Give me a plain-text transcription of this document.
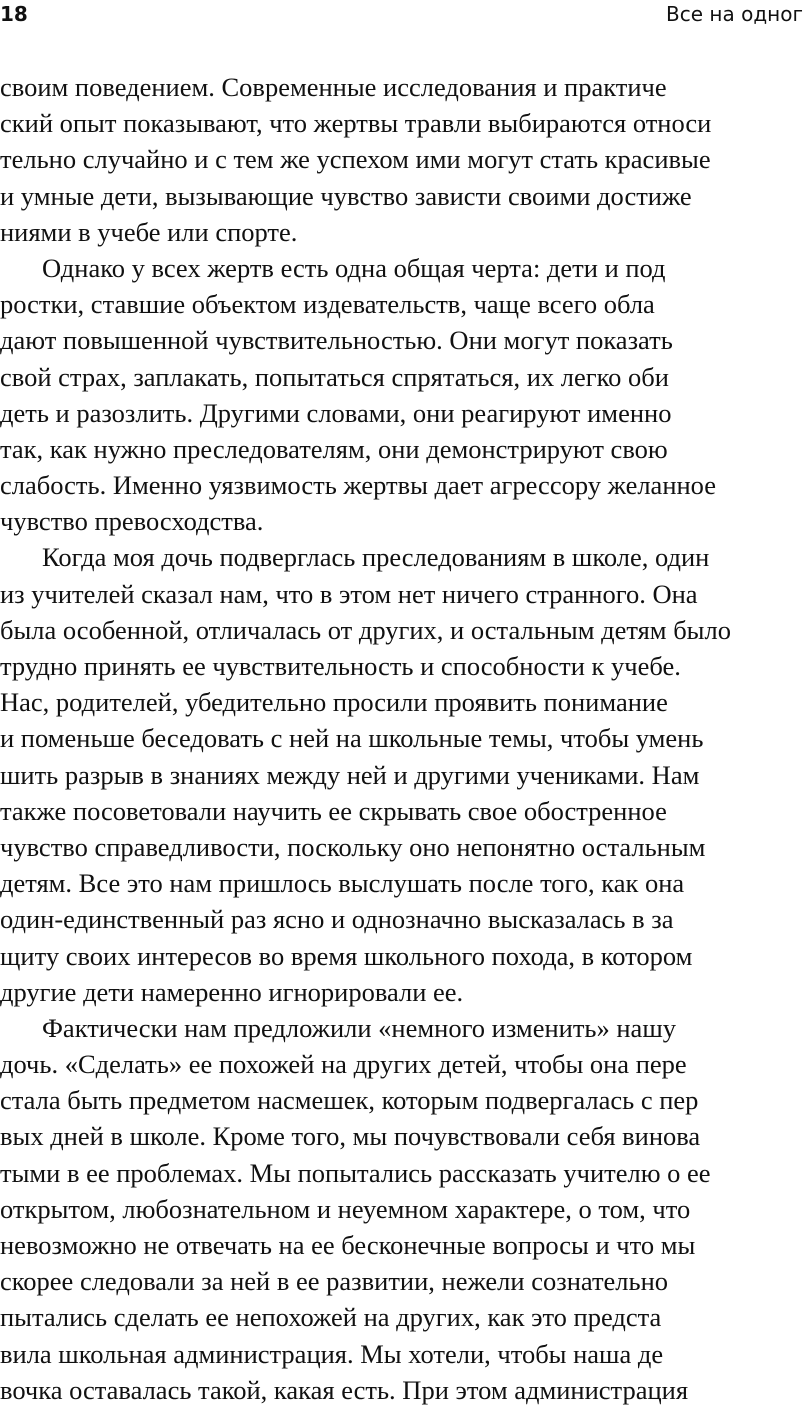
18	Все на одног
своим поведением. Современные исследования и практиче
ский опыт показывают, что жертвы травли выбираются относи
тельно случайно и с тем же успехом ими могут стать красивые
и умные дети, вызывающие чувство зависти своими достиже
ниями в учебе или спорте.
Однако у всех жертв есть одна общая черта: дети и под
ростки, ставшие объектом издевательств, чаще всего обла
дают повышенной чувствительностью. Они могут показать
свой страх, заплакать, попытаться спрятаться, их легко оби
деть и разозлить. Другими словами, они реагируют именно
так, как нужно преследователям, они демонстрируют свою
слабость. Именно уязвимость жертвы дает агрессору желанное
чувство превосходства.
Когда моя дочь подверглась преследованиям в школе, один
из учителей сказал нам, что в этом нет ничего странного. Она
была особенной, отличалась от других, и остальным детям было
трудно принять ее чувствительность и способности к учебе.
Нас, родителей, убедительно просили проявить понимание
и поменьше беседовать с ней на школьные темы, чтобы умень
шить разрыв в знаниях между ней и другими учениками. Нам
также посоветовали научить ее скрывать свое обостренное
чувство справедливости, поскольку оно непонятно остальным
детям. Все это нам пришлось выслушать после того, как она
один-единственный раз ясно и однозначно высказалась в за
щиту своих интересов во время школьного похода, в котором
другие дети намеренно игнорировали ее.
Фактически нам предложили «немного изменить» нашу
дочь. «Сделать» ее похожей на других детей, чтобы она пере
стала быть предметом насмешек, которым подвергалась с пер
вых дней в школе. Кроме того, мы почувствовали себя винова
тыми в ее проблемах. Мы попытались рассказать учителю о ее
открытом, любознательном и неуемном характере, о том, что
невозможно не отвечать на ее бесконечные вопросы и что мы
скорее следовали за ней в ее развитии, нежели сознательно
пытались сделать ее непохожей на других, как это предста
вила школьная администрация. Мы хотели, чтобы наша де
вочка оставалась такой, какая есть. При этом администрация
